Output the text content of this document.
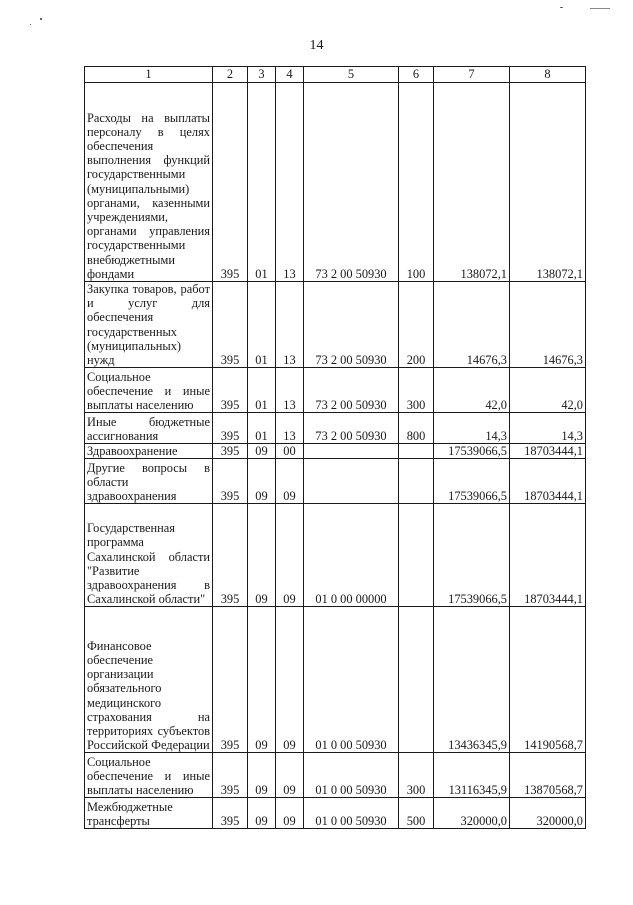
14
1	2	3	4	5	6	7	8
Расходы на выплаты персоналу в целях обеспечения выполнения функций государственными (муниципальными) органами, казенными учреждениями, органами управления государственными внебюджетными фондами	395	01	13	73 2 00 50930	100	138072,1	138072,1
Закупка товаров, работ и услуг для обеспечения государственных (муниципальных) нужд	395	01	13	73 2 00 50930	200	14676,3	14676,3
Социальное обеспечение и иные выплаты населению	395	01	13	73 2 00 50930	300	42,0	42,0
Иные бюджетные ассигнования	395	01	13	73 2 00 50930	800	14,3	14,3
Здравоохранение	395	09	00			17539066,5	18703444,1
Другие вопросы в области здравоохранения	395	09	09			17539066,5	18703444,1
Государственная программа Сахалинской области "Развитие здравоохранения в Сахалинской области"	395	09	09	01 0 00 00000		17539066,5	18703444,1
Финансовое обеспечение организации обязательного медицинского страхования на территориях субъектов Российской Федерации	395	09	09	01 0 00 50930		13436345,9	14190568,7
Социальное обеспечение и иные выплаты населению	395	09	09	01 0 00 50930	300	13116345,9	13870568,7
Межбюджетные трансферты	395	09	09	01 0 00 50930	500	320000,0	320000,0
